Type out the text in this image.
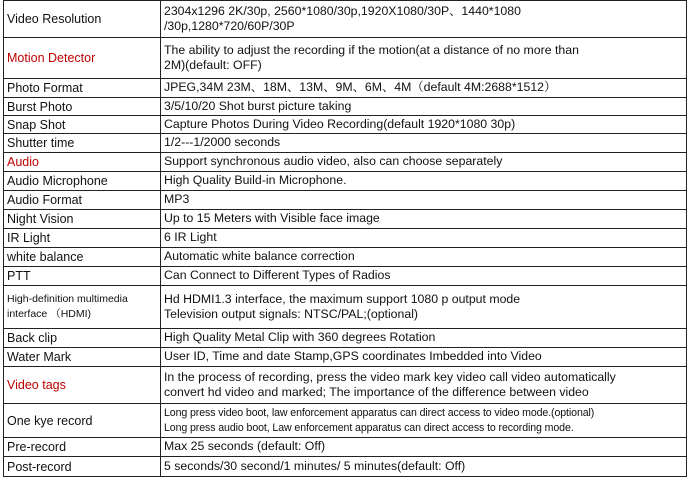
Video Resolution	2304x1296 2K/30p, 2560*1080/30p,1920X1080/30P、1440*1080
/30p,1280*720/60P/30P

Motion Detector	The ability to adjust the recording if the motion(at a distance of no more than
2M)(default: OFF)

Photo Format	JPEG,34M 23M、18M、13M、9M、6M、4M（default 4M:2688*1512）
Burst Photo	3/5/10/20 Shot burst picture taking
Snap Shot	Capture Photos During Video Recording(default 1920*1080 30p)
Shutter time	1/2---1/2000 seconds
Audio	Support synchronous audio video, also can choose separately
Audio Microphone	High Quality Build-in Microphone.
Audio Format	MP3
Night Vision	Up to 15 Meters with Visible face image
IR Light	6 IR Light
white balance	Automatic white balance correction
PTT	Can Connect to Different Types of Radios

High-definition multimedia
interface （HDMI)	Hd HDMI1.3 interface, the maximum support 1080 p output mode
Television output signals: NTSC/PAL;(optional)

Back clip	High Quality Metal Clip with 360 degrees Rotation
Water Mark	User ID, Time and date Stamp,GPS coordinates Imbedded into Video
Video tags	In the process of recording, press the video mark key video call video automatically
convert hd video and marked; The importance of the difference between video

One kye record	Long press video boot, law enforcement apparatus can direct access to video mode.(optional)
Long press audio boot, Law enforcement apparatus can direct access to recording mode.

Pre-record	Max 25 seconds (default: Off)
Post-record	5 seconds/30 second/1 minutes/ 5 minutes(default: Off)
